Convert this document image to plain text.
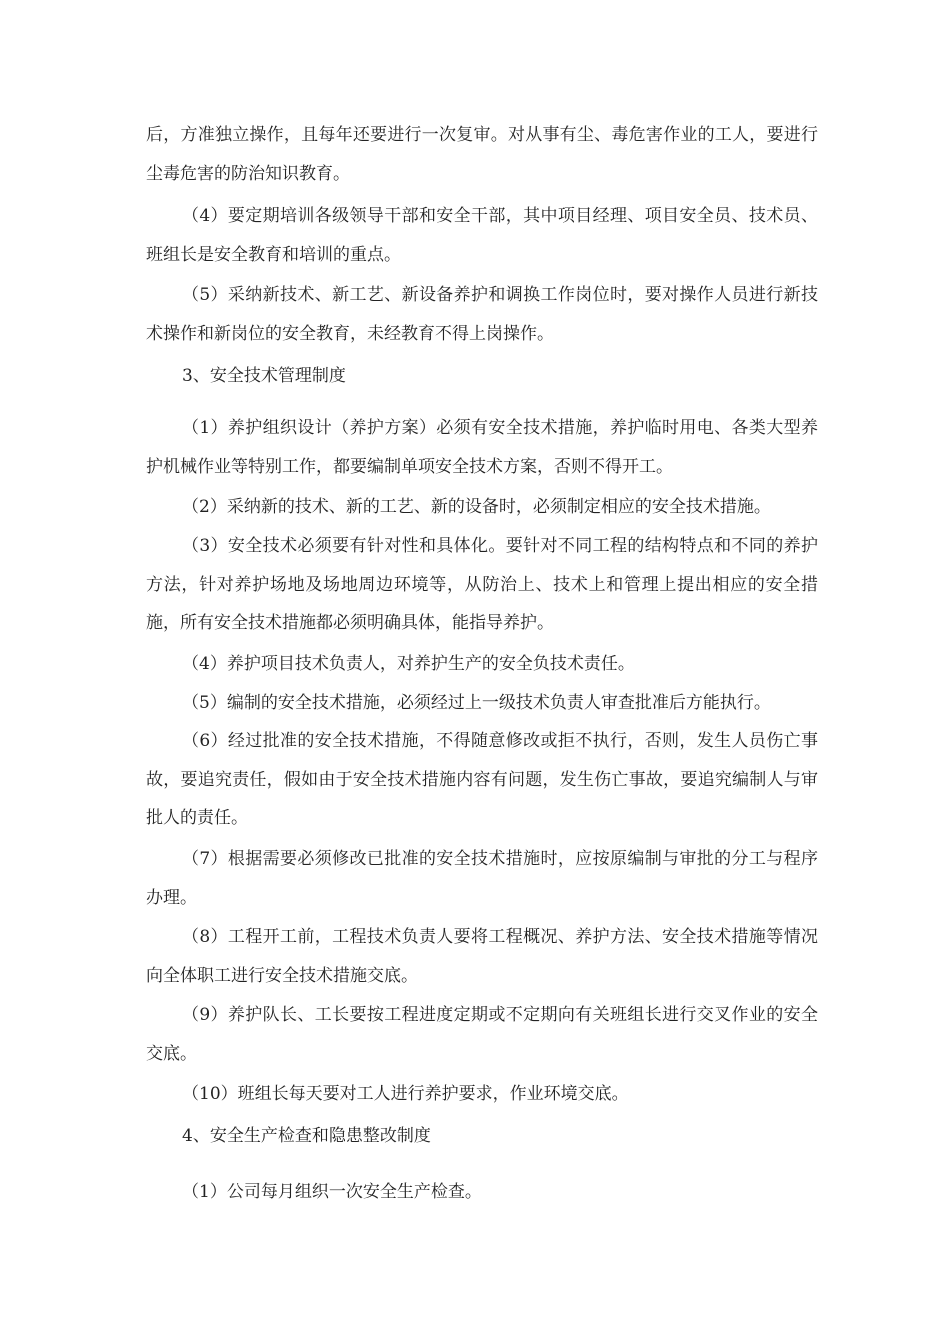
后，方准独立操作，且每年还要进行一次复审。对从事有尘、毒危害作业的工人，要进行尘毒危害的防治知识教育。

（4）要定期培训各级领导干部和安全干部，其中项目经理、项目安全员、技术员、班组长是安全教育和培训的重点。

（5）采纳新技术、新工艺、新设备养护和调换工作岗位时，要对操作人员进行新技术操作和新岗位的安全教育，未经教育不得上岗操作。

3、安全技术管理制度

（1）养护组织设计（养护方案）必须有安全技术措施，养护临时用电、各类大型养护机械作业等特别工作，都要编制单项安全技术方案，否则不得开工。

（2）采纳新的技术、新的工艺、新的设备时，必须制定相应的安全技术措施。

（3）安全技术必须要有针对性和具体化。要针对不同工程的结构特点和不同的养护方法，针对养护场地及场地周边环境等，从防治上、技术上和管理上提出相应的安全措施，所有安全技术措施都必须明确具体，能指导养护。

（4）养护项目技术负责人，对养护生产的安全负技术责任。

（5）编制的安全技术措施，必须经过上一级技术负责人审查批准后方能执行。

（6）经过批准的安全技术措施，不得随意修改或拒不执行，否则，发生人员伤亡事故，要追究责任，假如由于安全技术措施内容有问题，发生伤亡事故，要追究编制人与审批人的责任。

（7）根据需要必须修改已批准的安全技术措施时，应按原编制与审批的分工与程序办理。

（8）工程开工前，工程技术负责人要将工程概况、养护方法、安全技术措施等情况向全体职工进行安全技术措施交底。

（9）养护队长、工长要按工程进度定期或不定期向有关班组长进行交叉作业的安全交底。

（10）班组长每天要对工人进行养护要求，作业环境交底。

4、安全生产检查和隐患整改制度

（1）公司每月组织一次安全生产检查。
